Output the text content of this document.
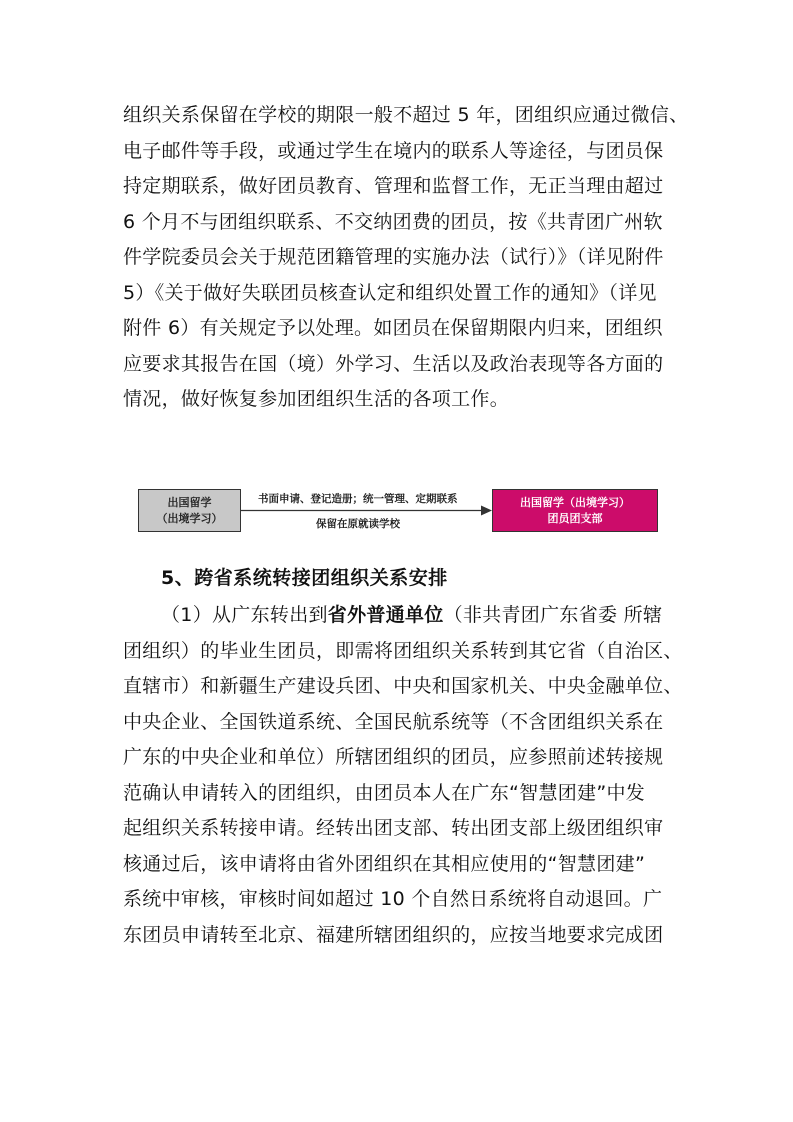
组织关系保留在学校的期限一般不超过 5 年，团组织应通过微信、
电子邮件等手段，或通过学生在境内的联系人等途径，与团员保
持定期联系，做好团员教育、管理和监督工作，无正当理由超过
6 个月不与团组织联系、不交纳团费的团员，按《共青团广州软
件学院委员会关于规范团籍管理的实施办法（试行）》（详见附件
5）《关于做好失联团员核查认定和组织处置工作的通知》（详见
附件 6）有关规定予以处理。如团员在保留期限内归来，团组织
应要求其报告在国（境）外学习、生活以及政治表现等各方面的
情况，做好恢复参加团组织生活的各项工作。

出国留学
（出境学习）
书面申请、登记造册；统一管理、定期联系
保留在原就读学校
出国留学（出境学习）
团员团支部
5、跨省系统转接团组织关系安排

（1）从广东转出到省外普通单位（非共青团广东省委 所辖
团组织）的毕业生团员，即需将团组织关系转到其它省（自治区、
直辖市）和新疆生产建设兵团、中央和国家机关、中央金融单位、
中央企业、全国铁道系统、全国民航系统等（不含团组织关系在
广东的中央企业和单位）所辖团组织的团员，应参照前述转接规
范确认申请转入的团组织，由团员本人在广东“智慧团建”中发
起组织关系转接申请。经转出团支部、转出团支部上级团组织审
核通过后，该申请将由省外团组织在其相应使用的“智慧团建”
系统中审核，审核时间如超过 10 个自然日系统将自动退回。广
东团员申请转至北京、福建所辖团组织的，应按当地要求完成团
